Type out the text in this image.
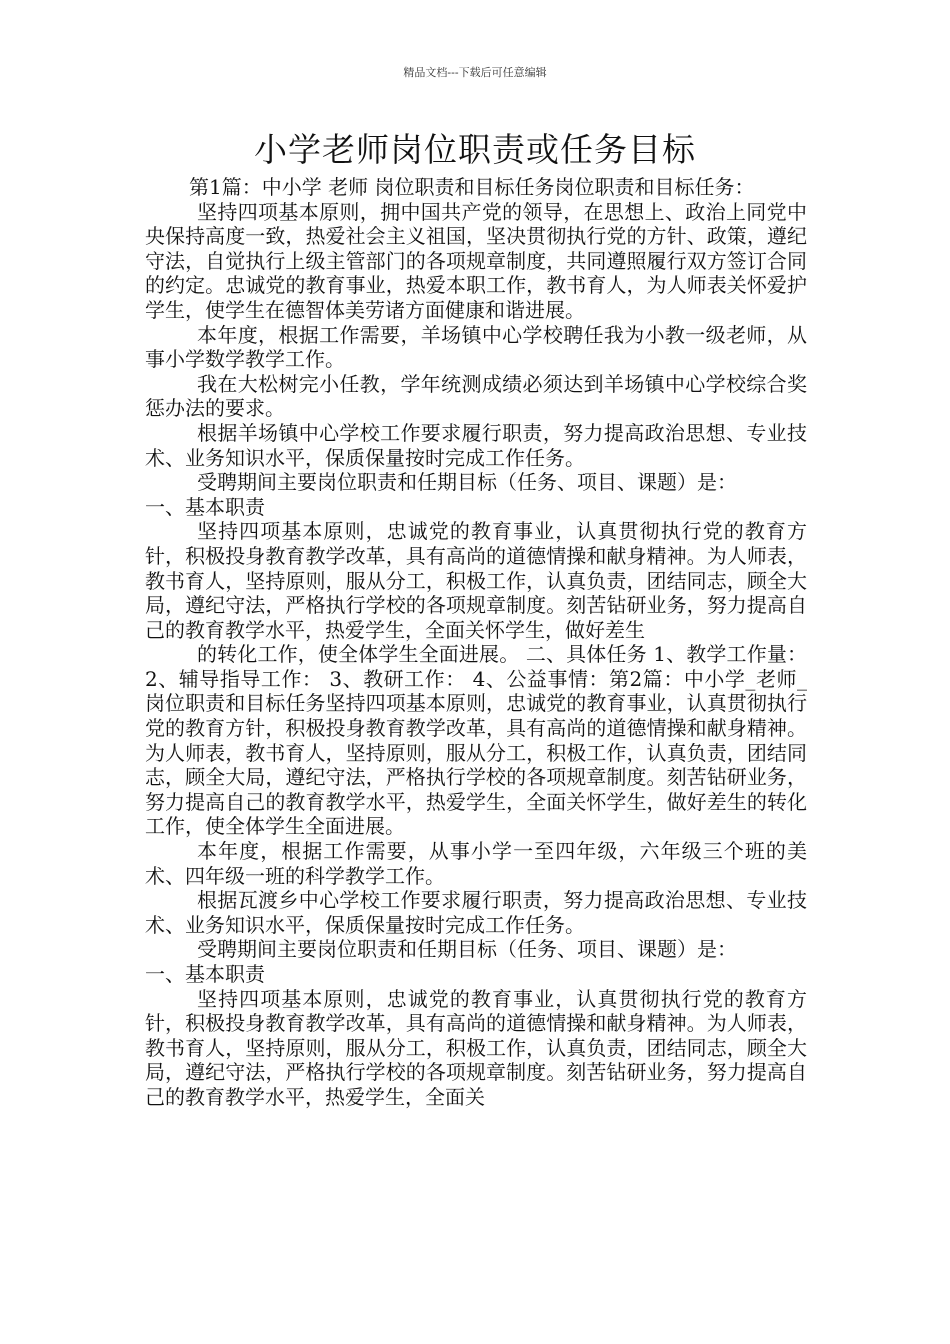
精品文档---下载后可任意编辑
小学老师岗位职责或任务目标

第1篇：中小学 老师 岗位职责和目标任务岗位职责和目标任务：

坚持四项基本原则，拥中国共产党的领导，在思想上、政治上同党中央保持高度一致，热爱社会主义祖国，坚决贯彻执行党的方针、政策，遵纪守法，自觉执行上级主管部门的各项规章制度，共同遵照履行双方签订合同的约定。忠诚党的教育事业，热爱本职工作，教书育人，为人师表关怀爱护学生，使学生在德智体美劳诸方面健康和谐进展。

本年度，根据工作需要，羊场镇中心学校聘任我为小教一级老师，从事小学数学教学工作。

我在大松树完小任教，学年统测成绩必须达到羊场镇中心学校综合奖惩办法的要求。

根据羊场镇中心学校工作要求履行职责，努力提高政治思想、专业技术、业务知识水平，保质保量按时完成工作任务。

受聘期间主要岗位职责和任期目标（任务、项目、课题）是：

一、基本职责

坚持四项基本原则，忠诚党的教育事业，认真贯彻执行党的教育方针，积极投身教育教学改革，具有高尚的道德情操和献身精神。为人师表，教书育人，坚持原则，服从分工，积极工作，认真负责，团结同志，顾全大局，遵纪守法，严格执行学校的各项规章制度。刻苦钻研业务，努力提高自己的教育教学水平，热爱学生，全面关怀学生，做好差生

的转化工作，使全体学生全面进展。 二、具体任务 1、教学工作量： 2、辅导指导工作： 3、教研工作： 4、公益事情：第2篇：中小学_老师_岗位职责和目标任务坚持四项基本原则，忠诚党的教育事业，认真贯彻执行党的教育方针，积极投身教育教学改革，具有高尚的道德情操和献身精神。为人师表，教书育人，坚持原则，服从分工，积极工作，认真负责，团结同志，顾全大局，遵纪守法，严格执行学校的各项规章制度。刻苦钻研业务，努力提高自己的教育教学水平，热爱学生，全面关怀学生，做好差生的转化工作，使全体学生全面进展。

本年度，根据工作需要，从事小学一至四年级，六年级三个班的美术、四年级一班的科学教学工作。

根据瓦渡乡中心学校工作要求履行职责，努力提高政治思想、专业技术、业务知识水平，保质保量按时完成工作任务。

受聘期间主要岗位职责和任期目标（任务、项目、课题）是：

一、基本职责

坚持四项基本原则，忠诚党的教育事业，认真贯彻执行党的教育方针，积极投身教育教学改革，具有高尚的道德情操和献身精神。为人师表，教书育人，坚持原则，服从分工，积极工作，认真负责，团结同志，顾全大局，遵纪守法，严格执行学校的各项规章制度。刻苦钻研业务，努力提高自己的教育教学水平，热爱学生，全面关
